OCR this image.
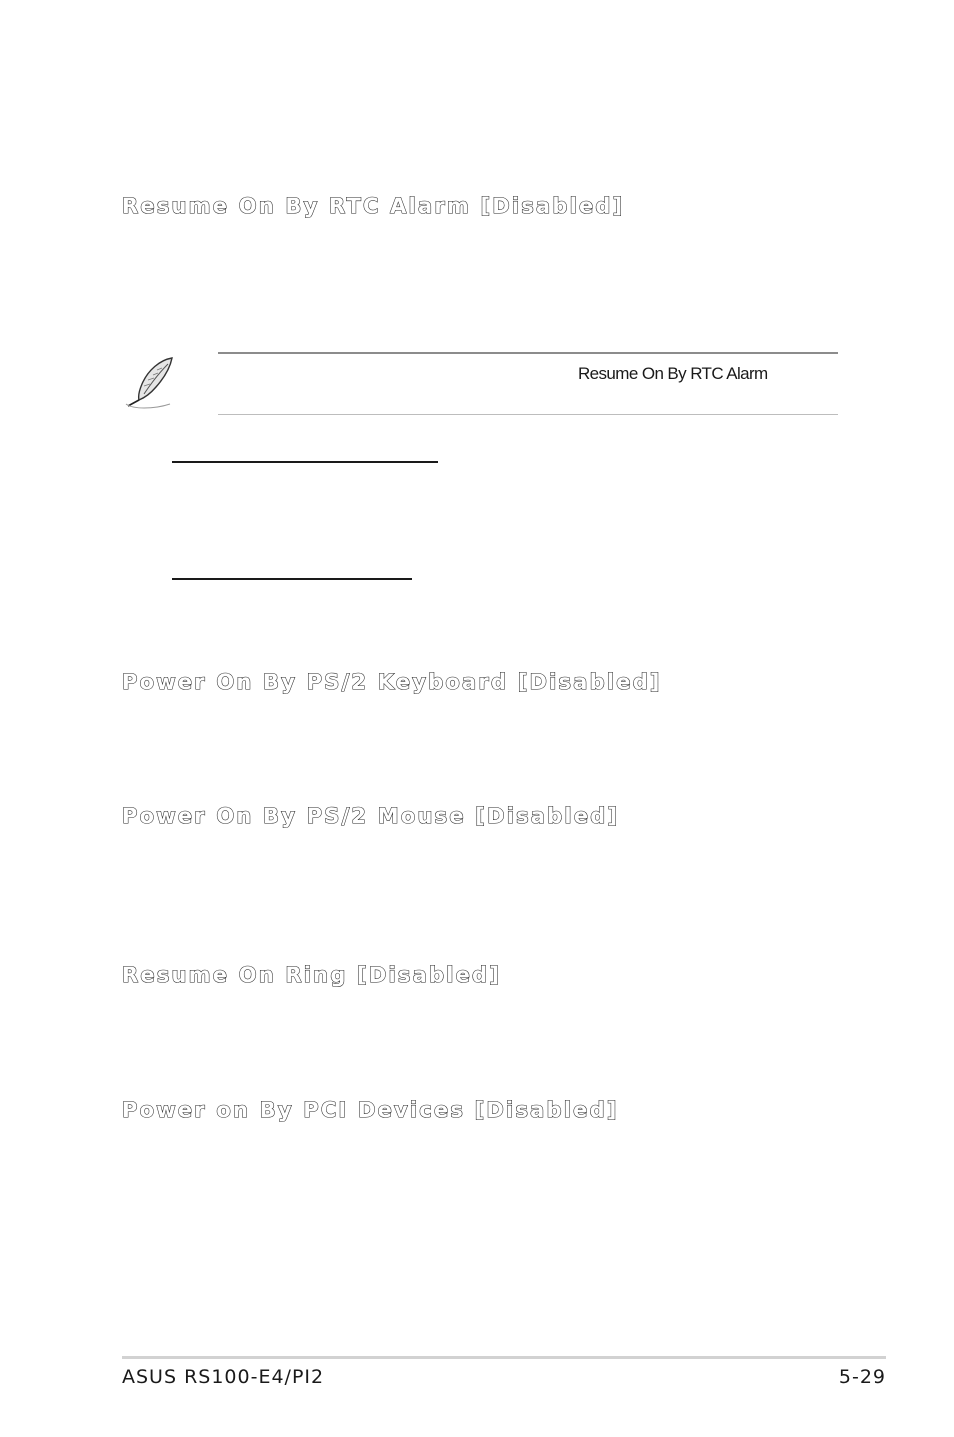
Resume On By RTC Alarm [Disabled]
Resume On By RTC Alarm
Power On By PS/2 Keyboard [Disabled]
Power On By PS/2 Mouse [Disabled]
Resume On Ring [Disabled]
Power on By PCI Devices [Disabled]
ASUS RS100-E4/PI2	5-29
